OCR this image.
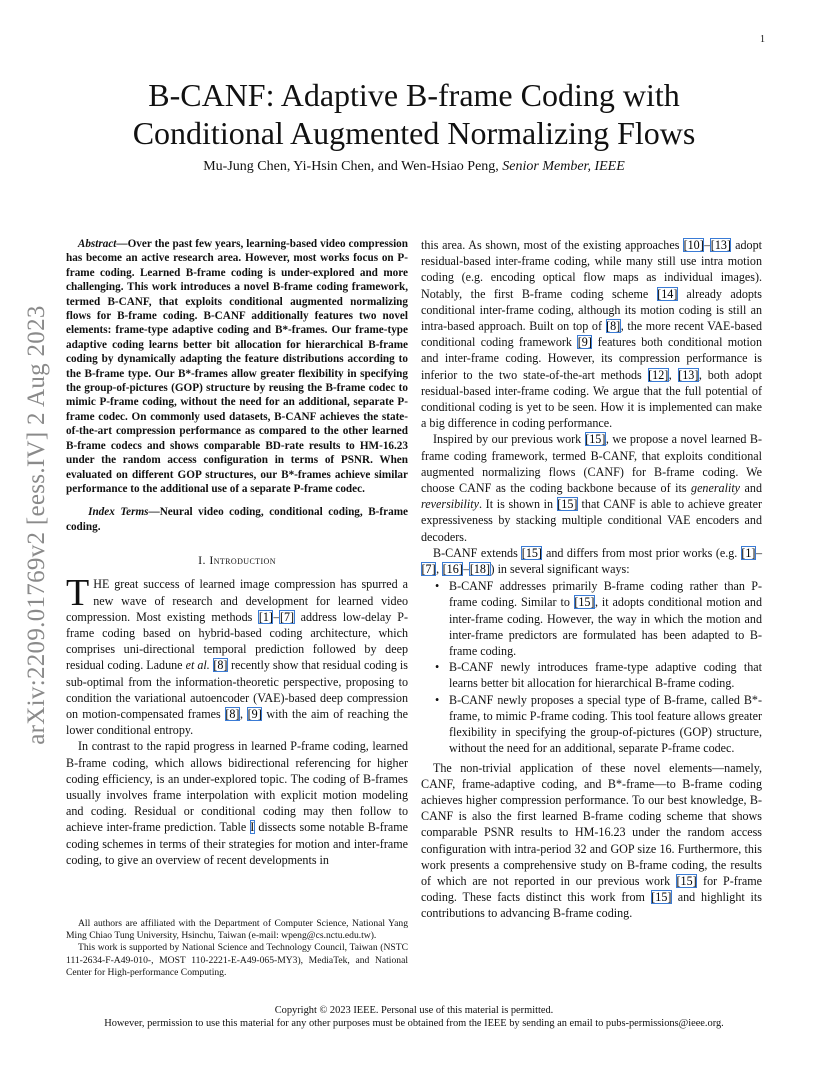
1
arXiv:2209.01769v2 [eess.IV] 2 Aug 2023
B-CANF: Adaptive B-frame Coding with
Conditional Augmented Normalizing Flows
Mu-Jung Chen, Yi-Hsin Chen, and Wen-Hsiao Peng, Senior Member, IEEE
Abstract—Over the past few years, learning-based video compression has become an active research area. However, most works focus on P-frame coding. Learned B-frame coding is under-explored and more challenging. This work introduces a novel B-frame coding framework, termed B-CANF, that exploits conditional augmented normalizing flows for B-frame coding. B-CANF additionally features two novel elements: frame-type adaptive coding and B*-frames. Our frame-type adaptive coding learns better bit allocation for hierarchical B-frame coding by dynamically adapting the feature distributions according to the B-frame type. Our B*-frames allow greater flexibility in specifying the group-of-pictures (GOP) structure by reusing the B-frame codec to mimic P-frame coding, without the need for an additional, separate P-frame codec. On commonly used datasets, B-CANF achieves the state-of-the-art compression performance as compared to the other learned B-frame codecs and shows comparable BD-rate results to HM-16.23 under the random access configuration in terms of PSNR. When evaluated on different GOP structures, our B*-frames achieve similar performance to the additional use of a separate P-frame codec.
Index Terms—Neural video coding, conditional coding, B-frame coding.
I. Introduction

THE great success of learned image compression has spurred a new wave of research and development for learned video compression. Most existing methods [1]–[7] address low-delay P-frame coding based on hybrid-based coding architecture, which comprises uni-directional temporal prediction followed by deep residual coding. Ladune et al. [8] recently show that residual coding is sub-optimal from the information-theoretic perspective, proposing to condition the variational autoencoder (VAE)-based deep compression on motion-compensated frames [8], [9] with the aim of reaching the lower conditional entropy.

In contrast to the rapid progress in learned P-frame coding, learned B-frame coding, which allows bidirectional referencing for higher coding efficiency, is an under-explored topic. The coding of B-frames usually involves frame interpolation with explicit motion modeling and coding. Residual or conditional coding may then follow to achieve inter-frame prediction. Table I dissects some notable B-frame coding schemes in terms of their strategies for motion and inter-frame coding, to give an overview of recent developments in

All authors are affiliated with the Department of Computer Science, National Yang Ming Chiao Tung University, Hsinchu, Taiwan (e-mail: wpeng@cs.nctu.edu.tw).
This work is supported by National Science and Technology Council, Taiwan (NSTC 111-2634-F-A49-010-, MOST 110-2221-E-A49-065-MY3), MediaTek, and National Center for High-performance Computing.

this area. As shown, most of the existing approaches [10]–[13] adopt residual-based inter-frame coding, while many still use intra motion coding (e.g. encoding optical flow maps as individual images). Notably, the first B-frame coding scheme [14] already adopts conditional inter-frame coding, although its motion coding is still an intra-based approach. Built on top of [8], the more recent VAE-based conditional coding framework [9] features both conditional motion and inter-frame coding. However, its compression performance is inferior to the two state-of-the-art methods [12], [13], both adopt residual-based inter-frame coding. We argue that the full potential of conditional coding is yet to be seen. How it is implemented can make a big difference in coding performance.

Inspired by our previous work [15], we propose a novel learned B-frame coding framework, termed B-CANF, that exploits conditional augmented normalizing flows (CANF) for B-frame coding. We choose CANF as the coding backbone because of its generality and reversibility. It is shown in [15] that CANF is able to achieve greater expressiveness by stacking multiple conditional VAE encoders and decoders.

B-CANF extends [15] and differs from most prior works (e.g. [1]–[7], [16]–[18]) in several significant ways:

• B-CANF addresses primarily B-frame coding rather than P-frame coding. Similar to [15], it adopts conditional motion and inter-frame coding. However, the way in which the motion and inter-frame predictors are formulated has been adapted to B-frame coding.
• B-CANF newly introduces frame-type adaptive coding that learns better bit allocation for hierarchical B-frame coding.
• B-CANF newly proposes a special type of B-frame, called B*-frame, to mimic P-frame coding. This tool feature allows greater flexibility in specifying the group-of-pictures (GOP) structure, without the need for an additional, separate P-frame codec.

The non-trivial application of these novel elements—namely, CANF, frame-adaptive coding, and B*-frame—to B-frame coding achieves higher compression performance. To our best knowledge, B-CANF is also the first learned B-frame coding scheme that shows comparable PSNR results to HM-16.23 under the random access configuration with intra-period 32 and GOP size 16. Furthermore, this work presents a comprehensive study on B-frame coding, the results of which are not reported in our previous work [15] for P-frame coding. These facts distinct this work from [15] and highlight its contributions to advancing B-frame coding.

Copyright © 2023 IEEE. Personal use of this material is permitted.
However, permission to use this material for any other purposes must be obtained from the IEEE by sending an email to pubs-permissions@ieee.org.
